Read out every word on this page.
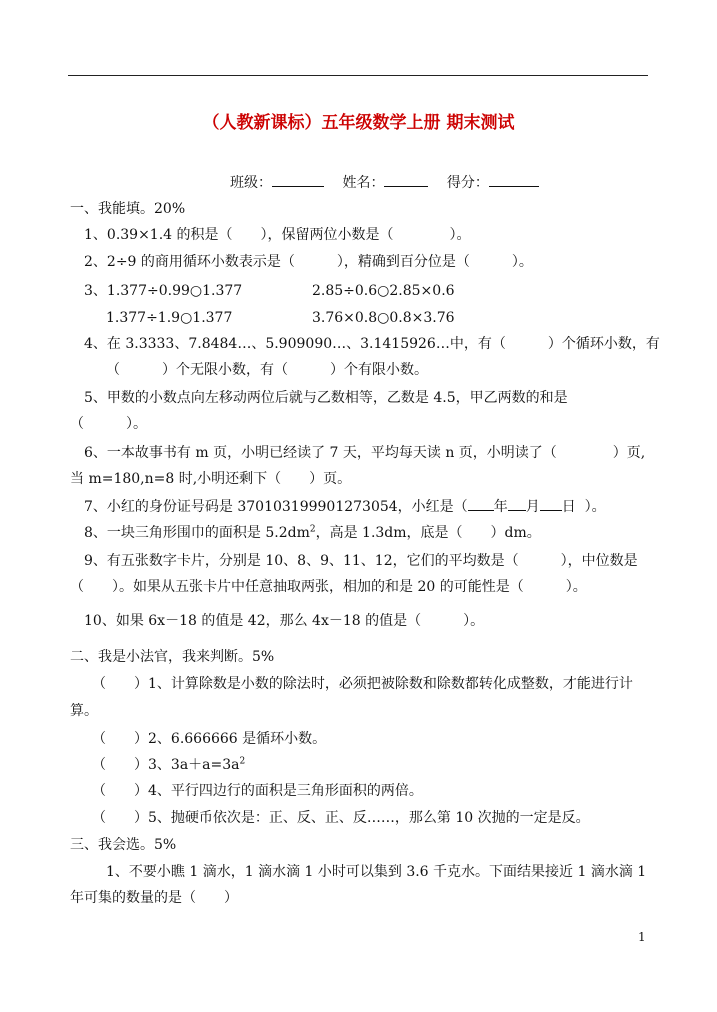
（人教新课标）五年级数学上册 期末测试
班级：	姓名：	得分：
一、我能填。20%
1、0.39×1.4 的积是（　　），保留两位小数是（　　　　）。
2、2÷9 的商用循环小数表示是（　　　），精确到百分位是（　　　）。
3、1.377÷0.99○1.377	2.85÷0.6○2.85×0.6
1.377÷1.9○1.377	3.76×0.8○0.8×3.76
4、在 3.3333、7.8484…、5.909090…、3.1415926…中，有（　　　）个循环小数，有
（　　　）个无限小数，有（　　　）个有限小数。
5、甲数的小数点向左移动两位后就与乙数相等，乙数是 4.5，甲乙两数的和是
（　　　）。
6、一本故事书有 m 页，小明已经读了 7 天，平均每天读 n 页，小明读了（　　　　）页,
当 m=180,n=8 时,小明还剩下（　　）页。
7、小红的身份证号码是 370103199901273054，小红是（ 年 月 日 ）。
8、一块三角形围巾的面积是 $5.2dm^2$，高是 1.3dm，底是（　　）dm。
9、有五张数字卡片，分别是 10、8、9、11、12，它们的平均数是（　　　），中位数是
（　　）。如果从五张卡片中任意抽取两张，相加的和是 20 的可能性是（　　　）。
10、如果 6x－18 的值是 42，那么 4x－18 的值是（　　　）。
二、我是小法官，我来判断。5%
（　　）1、计算除数是小数的除法时，必须把被除数和除数都转化成整数，才能进行计
算。
（　　）2、6.666666 是循环小数。
（　　）3、$3a+a=3a^2$
（　　）4、平行四边行的面积是三角形面积的两倍。
（　　）5、抛硬币依次是：正、反、正、反……，那么第 10 次抛的一定是反。
三、我会选。5%
1、不要小瞧 1 滴水，1 滴水滴 1 小时可以集到 3.6 千克水。下面结果接近 1 滴水滴 1
年可集的数量的是（　　）
1
